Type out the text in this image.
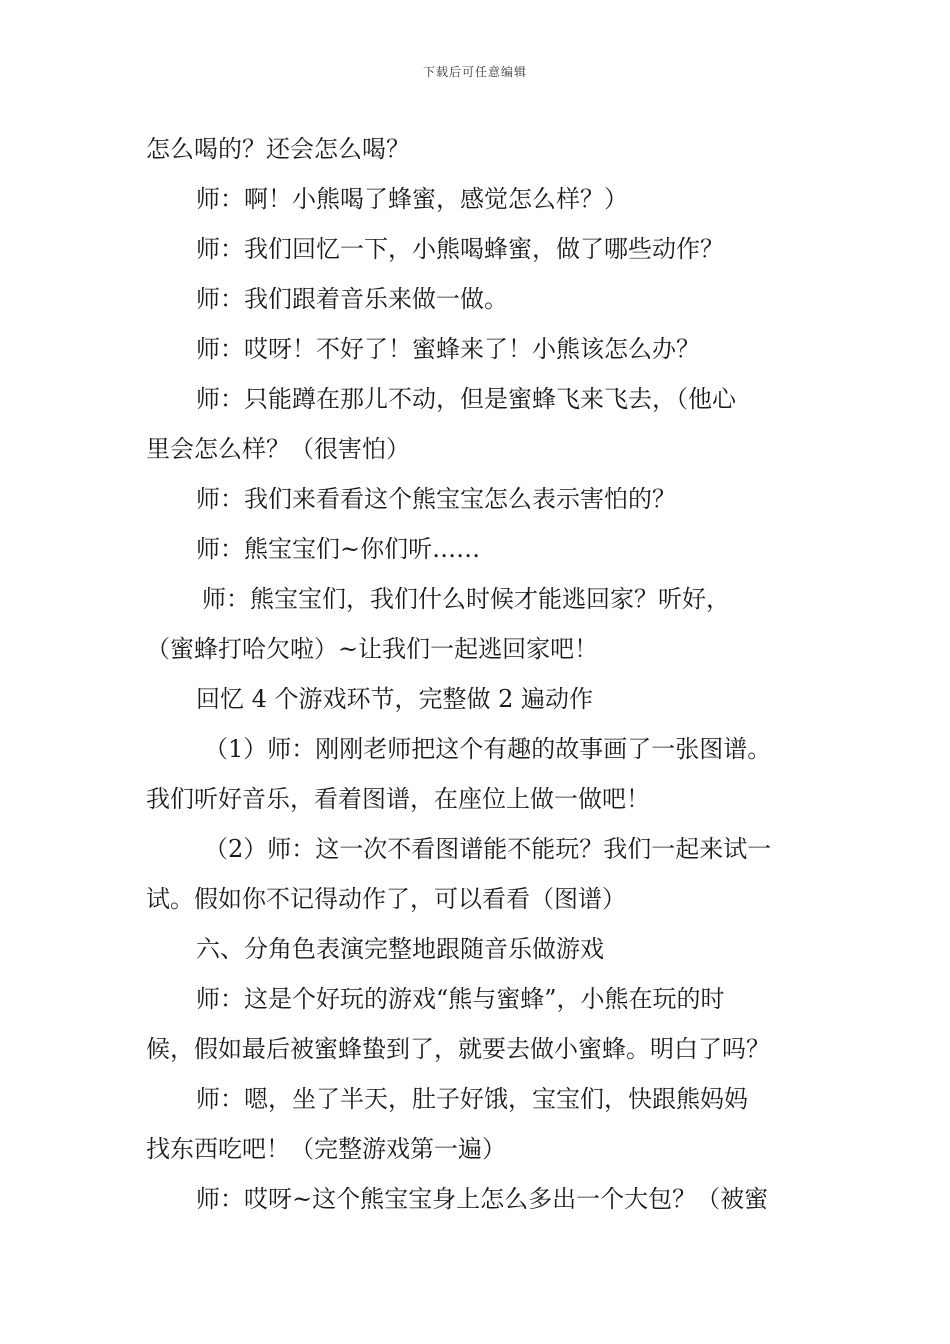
下载后可任意编辑
怎么喝的？还会怎么喝？
师：啊！小熊喝了蜂蜜，感觉怎么样？）
师：我们回忆一下，小熊喝蜂蜜，做了哪些动作？
师：我们跟着音乐来做一做。
师：哎呀！不好了！蜜蜂来了！小熊该怎么办？
师：只能蹲在那儿不动，但是蜜蜂飞来飞去，（他心
里会怎么样？（很害怕）
师：我们来看看这个熊宝宝怎么表示害怕的？
师：熊宝宝们~你们听……
师：熊宝宝们，我们什么时候才能逃回家？听好，
（蜜蜂打哈欠啦）~让我们一起逃回家吧！
回忆 4 个游戏环节，完整做 2 遍动作
（1）师：刚刚老师把这个有趣的故事画了一张图谱。
我们听好音乐，看着图谱，在座位上做一做吧！
（2）师：这一次不看图谱能不能玩？我们一起来试一
试。假如你不记得动作了，可以看看（图谱）
六、分角色表演完整地跟随音乐做游戏
师：这是个好玩的游戏“熊与蜜蜂”，小熊在玩的时
候，假如最后被蜜蜂蛰到了，就要去做小蜜蜂。明白了吗？
师：嗯，坐了半天，肚子好饿，宝宝们，快跟熊妈妈
找东西吃吧！（完整游戏第一遍）
师：哎呀~这个熊宝宝身上怎么多出一个大包？（被蜜
